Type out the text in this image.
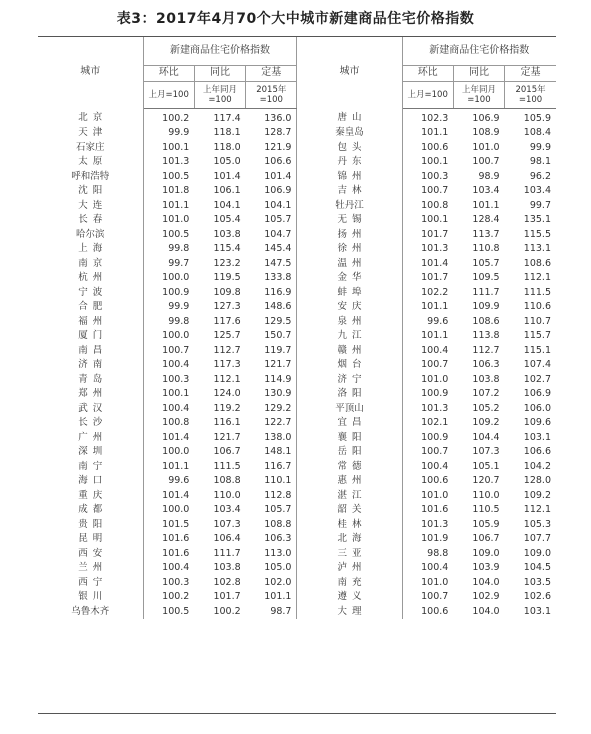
表3：2017年4月70个大中城市新建商品住宅价格指数
城市	新建商品住宅价格指数			城市	新建商品住宅价格指数		
	环比	同比	定基		环比	同比	定基
	上月=100	上年同月=100	2015年=100		上月=100	上年同月=100	2015年=100
北京	100.2	117.4	136.0	唐山	102.3	106.9	105.9
天津	99.9	118.1	128.7	秦皇岛	101.1	108.9	108.4
石家庄	100.1	118.0	121.9	包头	100.6	101.0	99.9
太原	101.3	105.0	106.6	丹东	100.1	100.7	98.1
呼和浩特	100.5	101.4	101.4	锦州	100.3	98.9	96.2
沈阳	101.8	106.1	106.9	吉林	100.7	103.4	103.4
大连	101.1	104.1	104.1	牡丹江	100.8	101.1	99.7
长春	101.0	105.4	105.7	无锡	100.1	128.4	135.1
哈尔滨	100.5	103.8	104.7	扬州	101.7	113.7	115.5
上海	99.8	115.4	145.4	徐州	101.3	110.8	113.1
南京	99.7	123.2	147.5	温州	101.4	105.7	108.6
杭州	100.0	119.5	133.8	金华	101.7	109.5	112.1
宁波	100.9	109.8	116.9	蚌埠	102.2	111.7	111.5
合肥	99.9	127.3	148.6	安庆	101.1	109.9	110.6
福州	99.8	117.6	129.5	泉州	99.6	108.6	110.7
厦门	100.0	125.7	150.7	九江	101.1	113.8	115.7
南昌	100.7	112.7	119.7	赣州	100.4	112.7	115.1
济南	100.4	117.3	121.7	烟台	100.7	106.3	107.4
青岛	100.3	112.1	114.9	济宁	101.0	103.8	102.7
郑州	100.1	124.0	130.9	洛阳	100.9	107.2	106.9
武汉	100.4	119.2	129.2	平顶山	101.3	105.2	106.0
长沙	100.8	116.1	122.7	宜昌	102.1	109.2	109.6
广州	101.4	121.7	138.0	襄阳	100.9	104.4	103.1
深圳	100.0	106.7	148.1	岳阳	100.7	107.3	106.6
南宁	101.1	111.5	116.7	常德	100.4	105.1	104.2
海口	99.6	108.8	110.1	惠州	100.6	120.7	128.0
重庆	101.4	110.0	112.8	湛江	101.0	110.0	109.2
成都	100.0	103.4	105.7	韶关	101.6	110.5	112.1
贵阳	101.5	107.3	108.8	桂林	101.3	105.9	105.3
昆明	101.6	106.4	106.3	北海	101.9	106.7	107.7
西安	101.6	111.7	113.0	三亚	98.8	109.0	109.0
兰州	100.4	103.8	105.0	泸州	100.4	103.9	104.5
西宁	100.3	102.8	102.0	南充	101.0	104.0	103.5
银川	100.2	101.7	101.1	遵义	100.7	102.9	102.6
乌鲁木齐	100.5	100.2	98.7	大理	100.6	104.0	103.1
